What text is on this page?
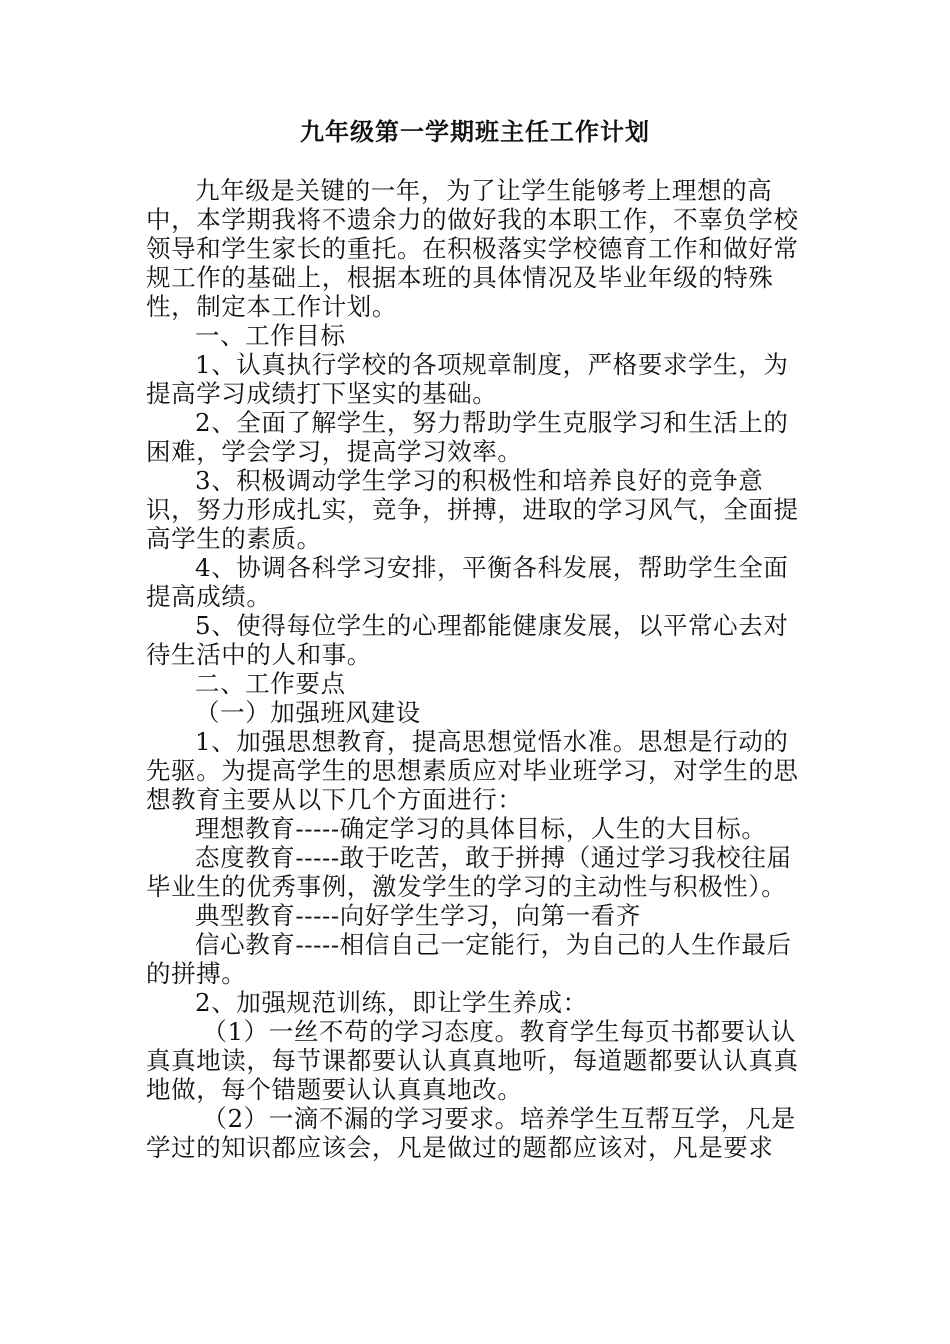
九年级第一学期班主任工作计划

九年级是关键的一年，为了让学生能够考上理想的高中，本学期我将不遗余力的做好我的本职工作，不辜负学校领导和学生家长的重托。在积极落实学校德育工作和做好常规工作的基础上，根据本班的具体情况及毕业年级的特殊性，制定本工作计划。

一、工作目标

1、认真执行学校的各项规章制度，严格要求学生，为提高学习成绩打下坚实的基础。

2、全面了解学生，努力帮助学生克服学习和生活上的困难，学会学习，提高学习效率。

3、积极调动学生学习的积极性和培养良好的竞争意识，努力形成扎实，竞争，拼搏，进取的学习风气，全面提高学生的素质。

4、协调各科学习安排，平衡各科发展，帮助学生全面提高成绩。

5、使得每位学生的心理都能健康发展，以平常心去对待生活中的人和事。

二、工作要点

（一）加强班风建设

1、加强思想教育，提高思想觉悟水准。思想是行动的先驱。为提高学生的思想素质应对毕业班学习，对学生的思想教育主要从以下几个方面进行：

理想教育-----确定学习的具体目标，人生的大目标。

态度教育-----敢于吃苦，敢于拼搏（通过学习我校往届毕业生的优秀事例，激发学生的学习的主动性与积极性）。

典型教育-----向好学生学习，向第一看齐

信心教育-----相信自己一定能行，为自己的人生作最后的拼搏。

2、加强规范训练，即让学生养成：

（1）一丝不苟的学习态度。教育学生每页书都要认认真真地读，每节课都要认认真真地听，每道题都要认认真真地做，每个错题要认认真真地改。

（2）一滴不漏的学习要求。培养学生互帮互学，凡是学过的知识都应该会，凡是做过的题都应该对，凡是要求
